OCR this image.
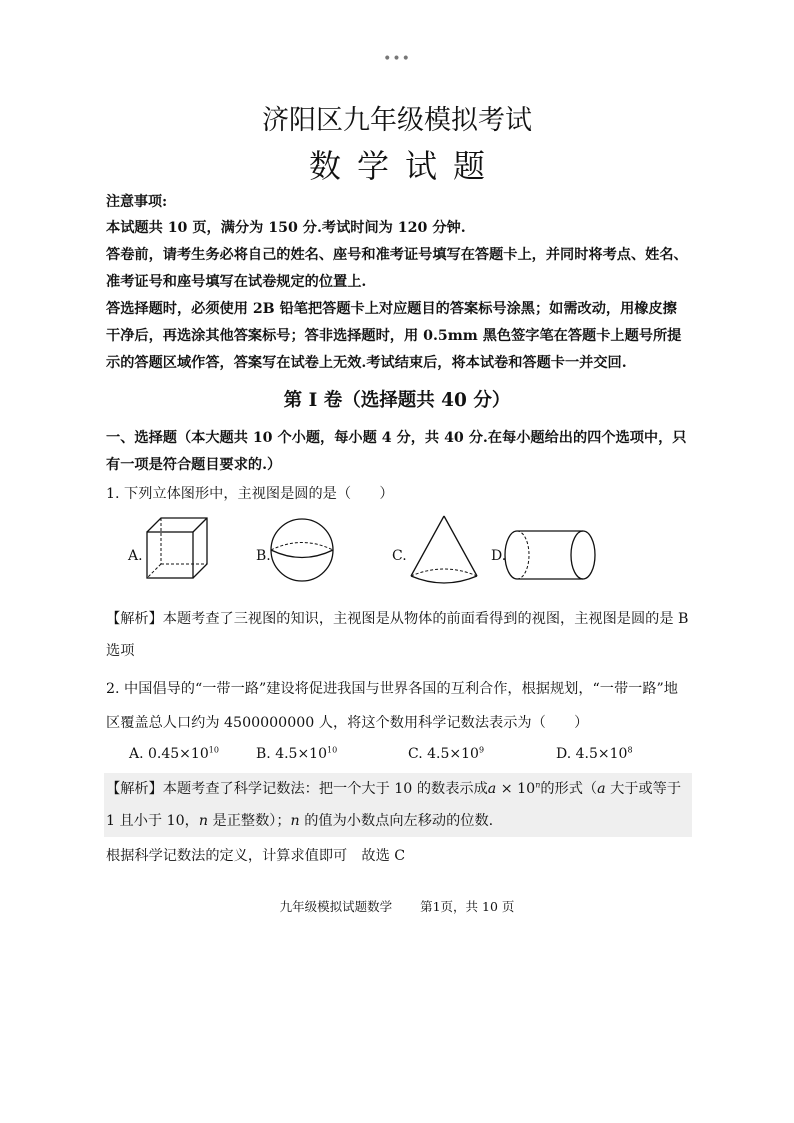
•••
济阳区九年级模拟考试
数学试题
注意事项:
本试题共 10 页，满分为 150 分.考试时间为 120 分钟.
答卷前，请考生务必将自己的姓名、座号和准考证号填写在答题卡上，并同时将考点、姓名、准考证号和座号填写在试卷规定的位置上.
答选择题时，必须使用 2B 铅笔把答题卡上对应题目的答案标号涂黑；如需改动，用橡皮擦干净后，再选涂其他答案标号；答非选择题时，用 0.5mm 黑色签字笔在答题卡上题号所提示的答题区域作答，答案写在试卷上无效.考试结束后，将本试卷和答题卡一并交回.
第 I 卷（选择题共 40 分）
一、选择题（本大题共 10 个小题，每小题 4 分，共 40 分.在每小题给出的四个选项中，只有一项是符合题目要求的.）
1. 下列立体图形中，主视图是圆的是（　　）
A.	B.	C.	D.
【解析】本题考查了三视图的知识，主视图是从物体的前面看得到的视图，主视图是圆的是 B 选项
2. 中国倡导的“一带一路”建设将促进我国与世界各国的互利合作，根据规划，“一带一路”地区覆盖总人口约为 4500000000 人，将这个数用科学记数法表示为（　　）
A. $0.45\times 10^{10}$	B. $4.5\times 10^{10}$	C. $4.5\times 10^9$	D. $4.5\times 10^8$
【解析】本题考查了科学记数法：把一个大于 10 的数表示成$a \times 10^n$的形式（a 大于或等于 1 且小于 10，n 是正整数）；n 的值为小数点向左移动的位数.
根据科学记数法的定义，计算求值即可　故选 C
九年级模拟试题数学 第1页，共 10 页
